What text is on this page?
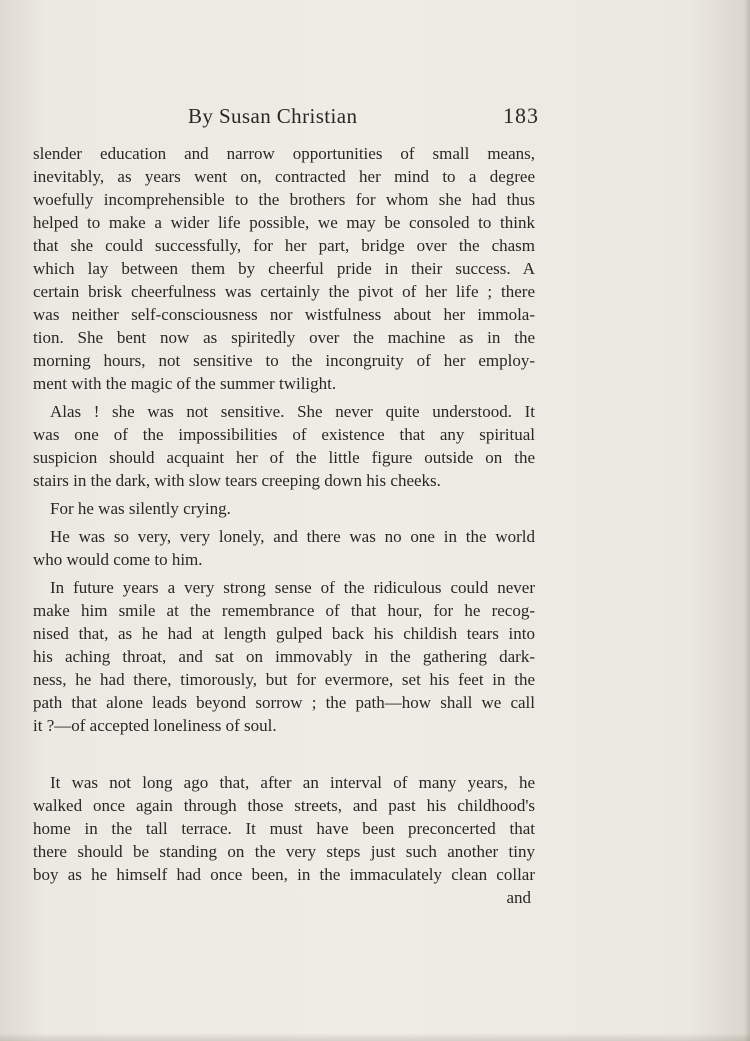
By Susan Christian	183
slender education and narrow opportunities of small means,
inevitably, as years went on, contracted her mind to a degree
woefully incomprehensible to the brothers for whom she had thus
helped to make a wider life possible, we may be consoled to think
that she could successfully, for her part, bridge over the chasm
which lay between them by cheerful pride in their success. A
certain brisk cheerfulness was certainly the pivot of her life ; there
was neither self-consciousness nor wistfulness about her immola-
tion. She bent now as spiritedly over the machine as in the
morning hours, not sensitive to the incongruity of her employ-
ment with the magic of the summer twilight.
Alas ! she was not sensitive. She never quite understood. It
was one of the impossibilities of existence that any spiritual
suspicion should acquaint her of the little figure outside on the
stairs in the dark, with slow tears creeping down his cheeks.
For he was silently crying.
He was so very, very lonely, and there was no one in the world
who would come to him.
In future years a very strong sense of the ridiculous could never
make him smile at the remembrance of that hour, for he recog-
nised that, as he had at length gulped back his childish tears into
his aching throat, and sat on immovably in the gathering dark-
ness, he had there, timorously, but for evermore, set his feet in the
path that alone leads beyond sorrow ; the path—how shall we call
it ?—of accepted loneliness of soul.
It was not long ago that, after an interval of many years, he
walked once again through those streets, and past his childhood's
home in the tall terrace. It must have been preconcerted that
there should be standing on the very steps just such another tiny
boy as he himself had once been, in the immaculately clean collar
and
